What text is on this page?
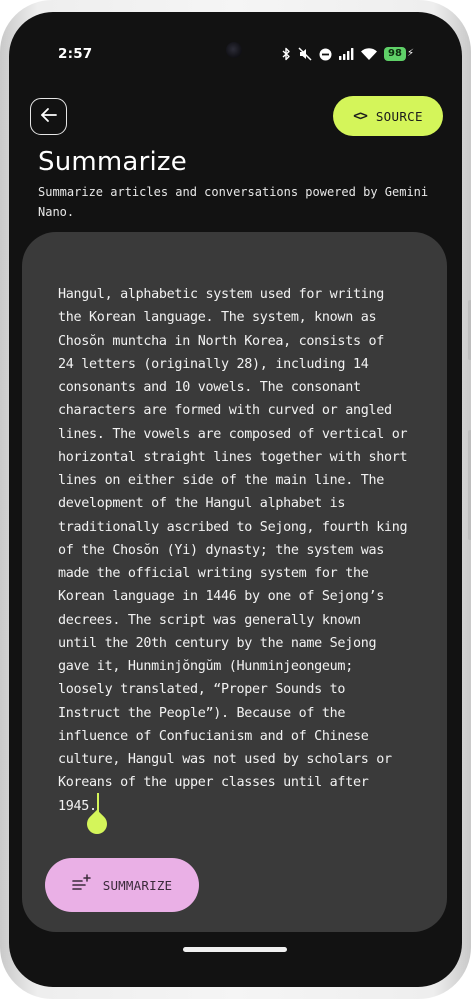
2:57	98 ⚡
<> SOURCE
Summarize
Summarize articles and conversations powered by Gemini Nano.
Hangul, alphabetic system used for writing
the Korean language. The system, known as
Chosŏn muntcha in North Korea, consists of
24 letters (originally 28), including 14
consonants and 10 vowels. The consonant
characters are formed with curved or angled
lines. The vowels are composed of vertical or
horizontal straight lines together with short
lines on either side of the main line. The
development of the Hangul alphabet is
traditionally ascribed to Sejong, fourth king
of the Chosŏn (Yi) dynasty; the system was
made the official writing system for the
Korean language in 1446 by one of Sejong’s
decrees. The script was generally known
until the 20th century by the name Sejong
gave it, Hunminjŏngŭm (Hunminjeongeum;
loosely translated, “Proper Sounds to
Instruct the People”). Because of the
influence of Confucianism and of Chinese
culture, Hangul was not used by scholars or
Koreans of the upper classes until after
1945.
SUMMARIZE
